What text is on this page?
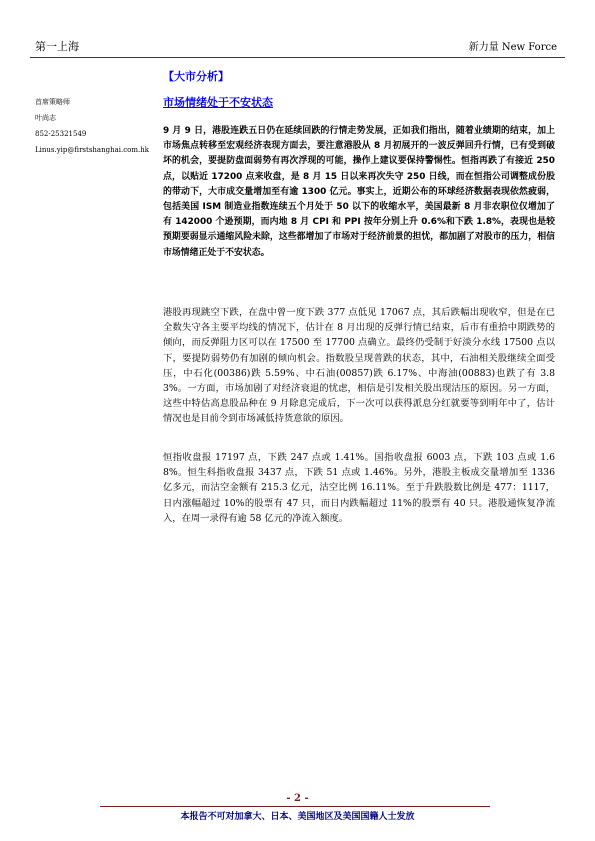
第一上海	新力量 New Force
【大市分析】
市场情绪处于不安状态
首席策略师
叶尚志
852-25321549
Linus.yip@firstshanghai.com.hk

9 月 9 日，港股连跌五日仍在延续回跌的行情走势发展，正如我们指出，随着业绩期的结束，加上市场焦点转移至宏观经济表现方面去，要注意港股从 8 月初展开的一波反弹回升行情，已有受到破坏的机会，要提防盘面弱势有再次浮现的可能，操作上建议要保持警惕性。恒指再跌了有接近 250 点，以贴近 17200 点来收盘，是 8 月 15 日以来再次失守 250 日线，而在恒指公司调整成份股的带动下，大市成交量增加至有逾 1300 亿元。事实上，近期公布的环球经济数据表现依然疲弱，包括美国 ISM 制造业指数连续五个月处于 50 以下的收缩水平，美国最新 8 月非农职位仅增加了有 142000 个逊预期，而内地 8 月 CPI 和 PPI 按年分别上升 0.6%和下跌 1.8%，表现也是较预期要弱显示通缩风险未除，这些都增加了市场对于经济前景的担忧，都加剧了对股市的压力，相信市场情绪正处于不安状态。

港股再现跳空下跌，在盘中曾一度下跌 377 点低见 17067 点，其后跌幅出现收窄，但是在已全数失守各主要平均线的情况下，估计在 8 月出现的反弹行情已结束，后市有重拾中期跌势的倾向，而反弹阻力区可以在 17500 至 17700 点确立。最终仍受制于好淡分水线 17500 点以下，要提防弱势仍有加剧的倾向机会。指数股呈现普跌的状态，其中，石油相关股继续全面受压，中石化(00386)跌 5.59%、中石油(00857)跌 6.17%、中海油(00883)也跌了有 3.83%。一方面，市场加剧了对经济衰退的忧虑，相信是引发相关股出现沽压的原因。另一方面，这些中特估高息股品种在 9 月除息完成后，下一次可以获得派息分红就要等到明年中了，估计情况也是目前令到市场减低持货意欲的原因。

恒指收盘报 17197 点，下跌 247 点或 1.41%。国指收盘报 6003 点，下跌 103 点或 1.68%。恒生科指收盘报 3437 点，下跌 51 点或 1.46%。另外，港股主板成交量增加至 1336 亿多元，而沽空金额有 215.3 亿元，沽空比例 16.11%。至于升跌股数比例是 477：1117，日内涨幅超过 10%的股票有 47 只，而日内跌幅超过 11%的股票有 40 只。港股通恢复净流入，在周一录得有逾 58 亿元的净流入额度。

- 2 -
本报告不可对加拿大、日本、美国地区及美国国籍人士发放
